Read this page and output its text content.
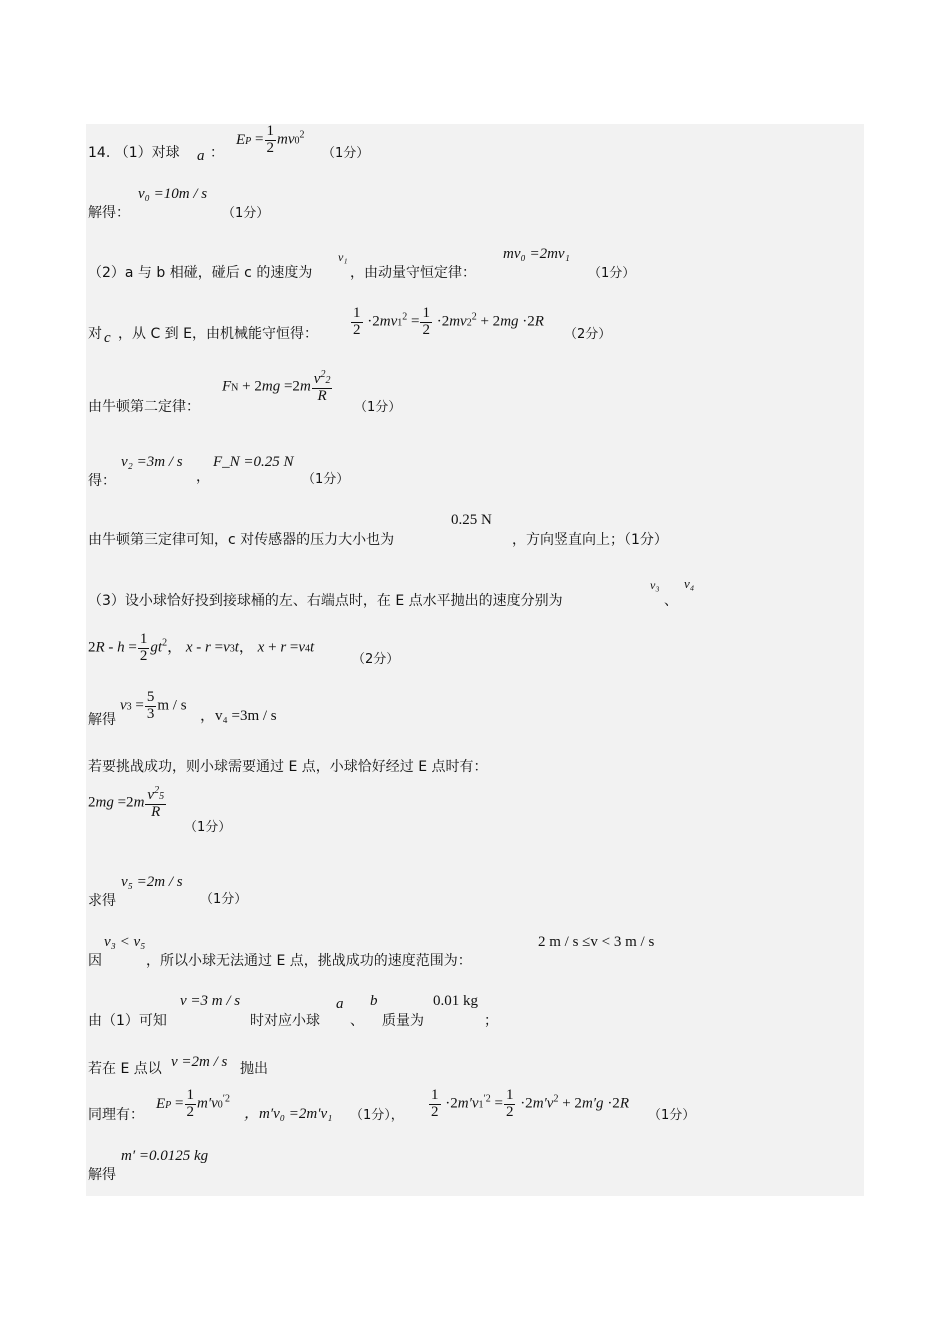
14. （1）对球 a ：
EP = $\frac{1}{2} mv0^2$
（1分）
解得：
v₀ =10m / s
（1分）
（2）a 与 b 相碰，碰后 c 的速度为
v₁
，由动量守恒定律：
mv₀ =2mv₁
（1分）
对 c ，从 C 到 E，由机械能守恒得： $\frac{1}{2} \cdot 2mv1^2 = \frac{1}{2} \cdot 2mv2^2 + 2mg \cdot 2R$
（2分）
由牛顿第二定律：
FN + $2mg =2m \frac{v^22}{R}$
（1分）
得：
v₂ =3m / s
，
F_N =0.25 N
（1分）
由牛顿第三定律可知，c 对传感器的压力大小也为
0.25 N
，方向竖直向上；（1分）
（3）设小球恰好投到接球桶的左、右端点时，在 E 点水平抛出的速度分别为
v₃
、
v₄
$2R - h = \frac{1}{2} gt^2$， x - r =v3t， x + r =v4t
（2分）
解得
$v3 = \frac{5}{3}$ m / s
，v₄ =3m / s
若要挑战成功，则小球需要通过 E 点，小球恰好经过 E 点时有：
$2mg =2m \frac{v^25}{R}$
（1分）
求得
v₅ =2m / s
（1分）
因
v₃ < v₅
，所以小球无法通过 E 点，挑战成功的速度范围为：
2 m / s ≤v < 3 m / s
由（1）可知
v =3 m / s
时对应小球
a
、
b
质量为
0.01 kg
；
若在 E 点以 v =2m / s 抛出
同理有：
EP = $\frac{1}{2} m'v0^{'2}$
，m′v₀ =2m′v₁ （1分）， $\frac{1}{2} \cdot 2m'v1^{'2} = \frac{1}{2} \cdot 2m'v^2 + 2m'g \cdot 2R$
（1分）
解得
m′ =0.0125 kg
